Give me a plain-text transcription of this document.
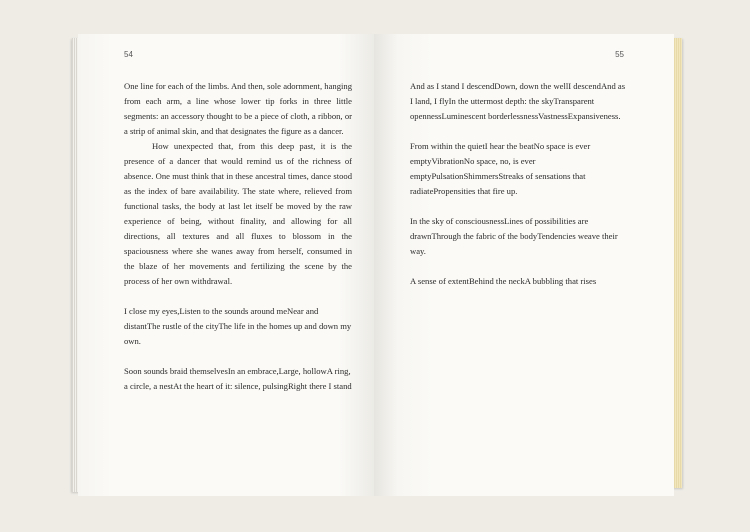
54

One line for each of the limbs. And then, sole adornment, hanging from each arm, a line whose lower tip forks in three little segments: an accessory thought to be a piece of cloth, a ribbon, or a strip of animal skin, and that designates the figure as a dancer.

How unexpected that, from this deep past, it is the presence of a dancer that would remind us of the richness of absence. One must think that in these ancestral times, dance stood as the index of bare availability. The state where, relieved from functional tasks, the body at last let itself be moved by the raw experience of being, without finality, and allowing for all directions, all textures and all fluxes to blossom in the spaciousness where she wanes away from herself, consumed in the blaze of her movements and fertilizing the scene by the process of her own withdrawal.

I close my eyes,Listen to the sounds around meNear and distantThe rustle of the cityThe life in the homes up and down my own.
Soon sounds braid themselvesIn an embrace,Large, hollowA ring, a circle, a nestAt the heart of it: silence, pulsingRight there I stand
55
And as I stand I descendDown, down the wellI descendAnd as I land, I flyIn the uttermost depth: the skyTransparent opennessLuminescent borderlessnessVastnessExpansiveness.
From within the quietI hear the beatNo space is ever emptyVibrationNo space, no, is ever emptyPulsationShimmersStreaks of sensations that radiatePropensities that fire up.
In the sky of consciousnessLines of possibilities are drawnThrough the fabric of the bodyTendencies weave their way.
A sense of extentBehind the neckA bubbling that rises
